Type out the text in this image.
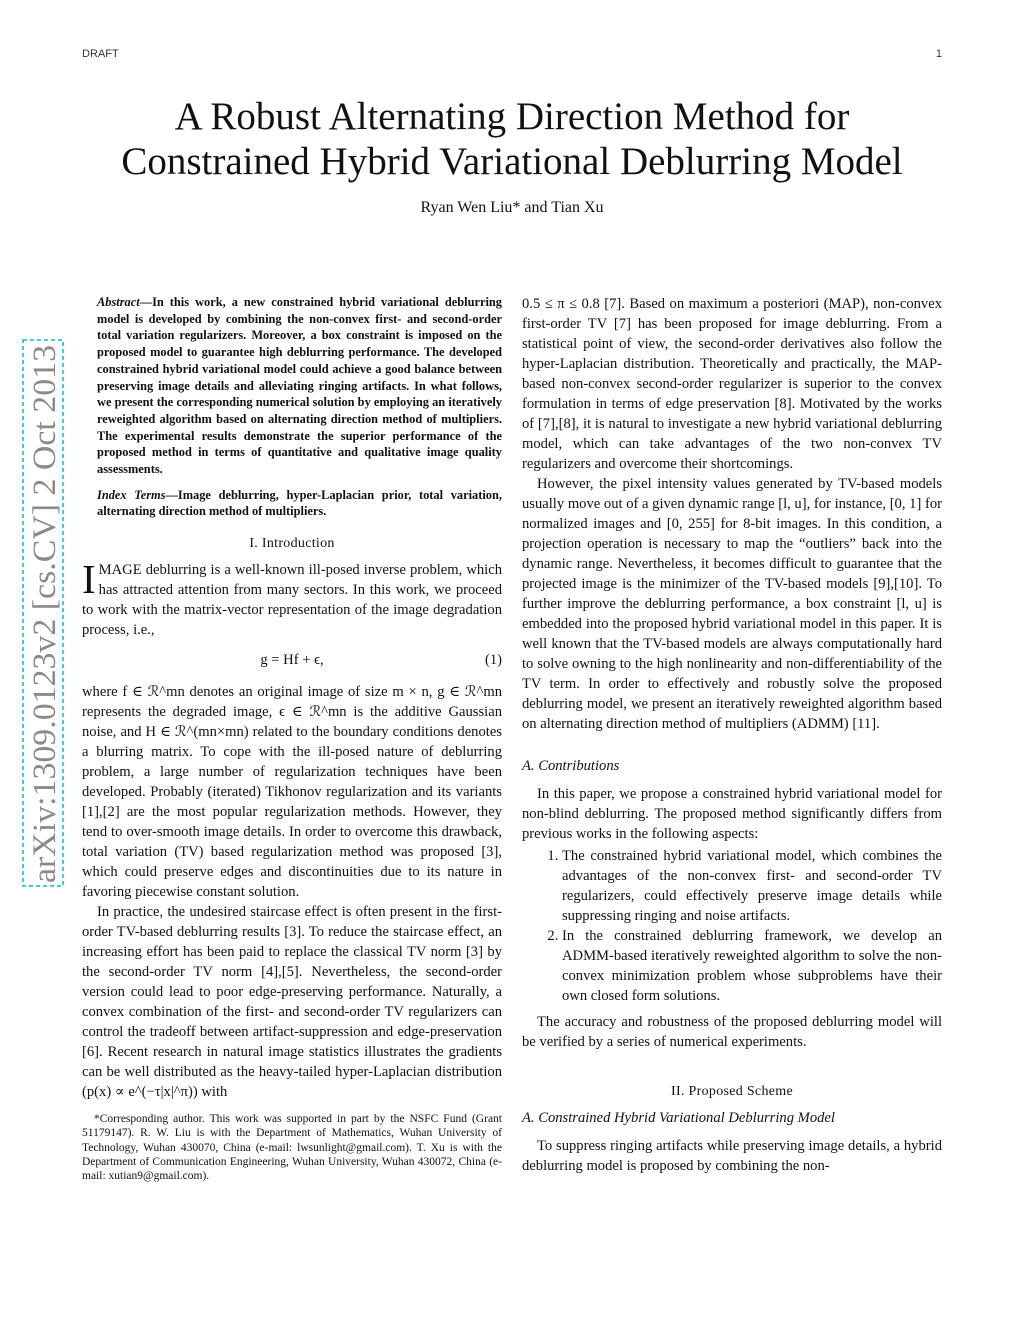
DRAFT	1
arXiv:1309.0123v2 [cs.CV] 2 Oct 2013
A Robust Alternating Direction Method for
Constrained Hybrid Variational Deblurring Model
Ryan Wen Liu* and Tian Xu
Abstract—In this work, a new constrained hybrid variational deblurring model is developed by combining the non-convex first- and second-order total variation regularizers. Moreover, a box constraint is imposed on the proposed model to guarantee high deblurring performance. The developed constrained hybrid variational model could achieve a good balance between preserving image details and alleviating ringing artifacts. In what follows, we present the corresponding numerical solution by employing an iteratively reweighted algorithm based on alternating direction method of multipliers. The experimental results demonstrate the superior performance of the proposed method in terms of quantitative and qualitative image quality assessments.
Index Terms—Image deblurring, hyper-Laplacian prior, total variation, alternating direction method of multipliers.
I. Introduction

IMAGE deblurring is a well-known ill-posed inverse problem, which has attracted attention from many sectors. In this work, we proceed to work with the matrix-vector representation of the image degradation process, i.e.,

g = Hf + ϵ,	(1)

where f ∈ ℛ^mn denotes an original image of size m × n, g ∈ ℛ^mn represents the degraded image, ϵ ∈ ℛ^mn is the additive Gaussian noise, and H ∈ ℛ^(mn×mn) related to the boundary conditions denotes a blurring matrix. To cope with the ill-posed nature of deblurring problem, a large number of regularization techniques have been developed. Probably (iterated) Tikhonov regularization and its variants [1],[2] are the most popular regularization methods. However, they tend to over-smooth image details. In order to overcome this drawback, total variation (TV) based regularization method was proposed [3], which could preserve edges and discontinuities due to its nature in favoring piecewise constant solution.

In practice, the undesired staircase effect is often present in the first-order TV-based deblurring results [3]. To reduce the staircase effect, an increasing effort has been paid to replace the classical TV norm [3] by the second-order TV norm [4],[5]. Nevertheless, the second-order version could lead to poor edge-preserving performance. Naturally, a convex combination of the first- and second-order TV regularizers can control the tradeoff between artifact-suppression and edge-preservation [6]. Recent research in natural image statistics illustrates the gradients can be well distributed as the heavy-tailed hyper-Laplacian distribution (p(x) ∝ e^(−τ|x|^π)) with

*Corresponding author. This work was supported in part by the NSFC Fund (Grant 51179147). R. W. Liu is with the Department of Mathematics, Wuhan University of Technology, Wuhan 430070, China (e-mail: lwsunlight@gmail.com). T. Xu is with the Department of Communication Engineering, Wuhan University, Wuhan 430072, China (e-mail: xutian9@gmail.com).

0.5 ≤ π ≤ 0.8 [7]. Based on maximum a posteriori (MAP), non-convex first-order TV [7] has been proposed for image deblurring. From a statistical point of view, the second-order derivatives also follow the hyper-Laplacian distribution. Theoretically and practically, the MAP-based non-convex second-order regularizer is superior to the convex formulation in terms of edge preservation [8]. Motivated by the works of [7],[8], it is natural to investigate a new hybrid variational deblurring model, which can take advantages of the two non-convex TV regularizers and overcome their shortcomings.

However, the pixel intensity values generated by TV-based models usually move out of a given dynamic range [l, u], for instance, [0, 1] for normalized images and [0, 255] for 8-bit images. In this condition, a projection operation is necessary to map the “outliers” back into the dynamic range. Nevertheless, it becomes difficult to guarantee that the projected image is the minimizer of the TV-based models [9],[10]. To further improve the deblurring performance, a box constraint [l, u] is embedded into the proposed hybrid variational model in this paper. It is well known that the TV-based models are always computationally hard to solve owning to the high nonlinearity and non-differentiability of the TV term. In order to effectively and robustly solve the proposed deblurring model, we present an iteratively reweighted algorithm based on alternating direction method of multipliers (ADMM) [11].

A. Contributions

In this paper, we propose a constrained hybrid variational model for non-blind deblurring. The proposed method significantly differs from previous works in the following aspects:

1. The constrained hybrid variational model, which combines the advantages of the non-convex first- and second-order TV regularizers, could effectively preserve image details while suppressing ringing and noise artifacts.
2. In the constrained deblurring framework, we develop an ADMM-based iteratively reweighted algorithm to solve the non-convex minimization problem whose subproblems have their own closed form solutions.

The accuracy and robustness of the proposed deblurring model will be verified by a series of numerical experiments.

II. Proposed Scheme
A. Constrained Hybrid Variational Deblurring Model

To suppress ringing artifacts while preserving image details, a hybrid deblurring model is proposed by combining the non-
